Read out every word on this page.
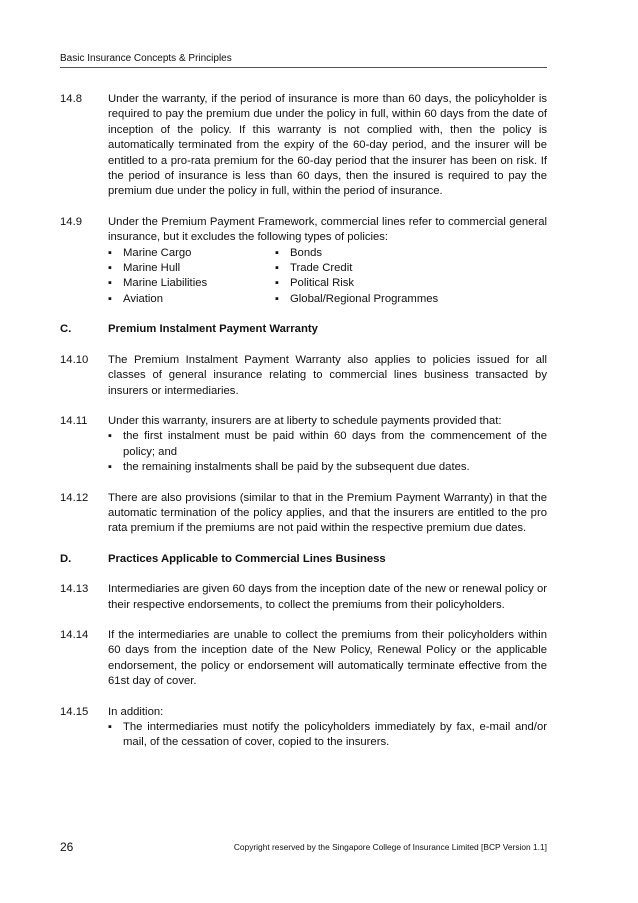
Basic Insurance Concepts & Principles
14.8 Under the warranty, if the period of insurance is more than 60 days, the policyholder is required to pay the premium due under the policy in full, within 60 days from the date of inception of the policy. If this warranty is not complied with, then the policy is automatically terminated from the expiry of the 60-day period, and the insurer will be entitled to a pro-rata premium for the 60-day period that the insurer has been on risk. If the period of insurance is less than 60 days, then the insured is required to pay the premium due under the policy in full, within the period of insurance.
14.9 Under the Premium Payment Framework, commercial lines refer to commercial general insurance, but it excludes the following types of policies:
▪ Marine Cargo
▪ Marine Hull
▪ Marine Liabilities
▪ Aviation
▪ Bonds
▪ Trade Credit
▪ Political Risk
▪ Global/Regional Programmes
C.	Premium Instalment Payment Warranty
14.10 The Premium Instalment Payment Warranty also applies to policies issued for all classes of general insurance relating to commercial lines business transacted by insurers or intermediaries.
14.11 Under this warranty, insurers are at liberty to schedule payments provided that:
▪ the first instalment must be paid within 60 days from the commencement of the policy; and
▪ the remaining instalments shall be paid by the subsequent due dates.
14.12 There are also provisions (similar to that in the Premium Payment Warranty) in that the automatic termination of the policy applies, and that the insurers are entitled to the pro rata premium if the premiums are not paid within the respective premium due dates.
D.	Practices Applicable to Commercial Lines Business
14.13 Intermediaries are given 60 days from the inception date of the new or renewal policy or their respective endorsements, to collect the premiums from their policyholders.
14.14 If the intermediaries are unable to collect the premiums from their policyholders within 60 days from the inception date of the New Policy, Renewal Policy or the applicable endorsement, the policy or endorsement will automatically terminate effective from the 61st day of cover.
14.15 In addition:
▪ The intermediaries must notify the policyholders immediately by fax, e-mail and/or mail, of the cessation of cover, copied to the insurers.
26	Copyright reserved by the Singapore College of Insurance Limited [BCP Version 1.1]
